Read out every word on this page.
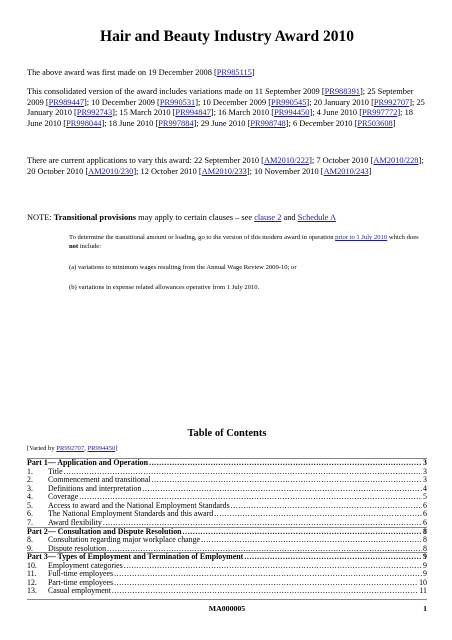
Hair and Beauty Industry Award 2010
The above award was first made on 19 December 2008 [PR985115]
This consolidated version of the award includes variations made on 11 September 2009 [PR988391]; 25 September 2009 [PR989447]; 10 December 2009 [PR990531]; 10 December 2009 [PR990545]; 20 January 2010 [PR992707]; 25 January 2010 [PR992743]; 15 March 2010 [PR994847]; 16 March 2010 [PR994450]; 4 June 2010 [PR997772]; 18 June 2010 [PR998044]; 18 June 2010 [PR997884]; 29 June 2010 [PR998748]; 6 December 2010 [PR503608]
There are current applications to vary this award: 22 September 2010 [AM2010/222]; 7 October 2010 [AM2010/228]; 20 October 2010 [AM2010/230]; 12 October 2010 [AM2010/233]; 10 November 2010 [AM2010/243]
NOTE: Transitional provisions may apply to certain clauses – see clause 2 and Schedule A
To determine the transitional amount or loading, go to the version of this modern award in operation prior to 1 July 2010 which does not include:
(a) variations to minimum wages resulting from the Annual Wage Review 2009-10; or
(b) variations in expense related allowances operative from 1 July 2010.
Table of Contents
[Varied by PR992707, PR994450]
Part 1— Application and Operation .....	3
1.	Title .....	3
2.	Commencement and transitional .....	3
3.	Definitions and interpretation .....	4
4.	Coverage .....	5
5.	Access to award and the National Employment Standards .....	6
6.	The National Employment Standards and this award .....	6
7.	Award flexibility .....	6
Part 2— Consultation and Dispute Resolution .....	8
8.	Consultation regarding major workplace change .....	8
9.	Dispute resolution .....	8
Part 3— Types of Employment and Termination of Employment .....	9
10.	Employment categories .....	9
11.	Full-time employees .....	9
12.	Part-time employees .....	10
13.	Casual employment .....	11
MA000005	1
